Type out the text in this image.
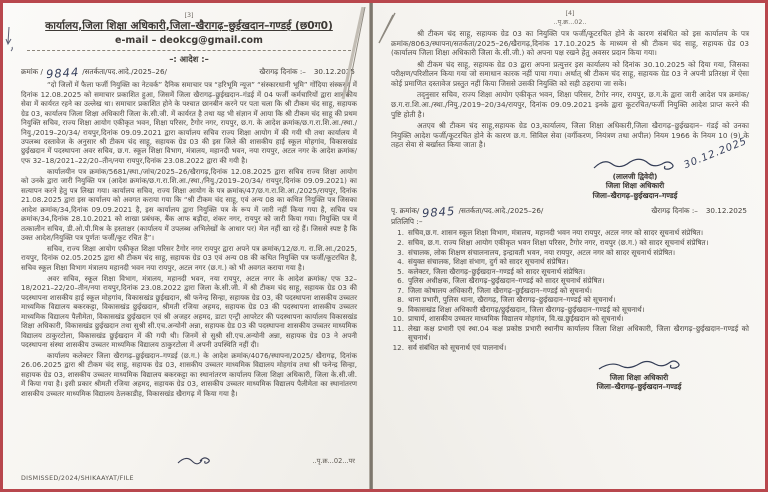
[3]
कार्यालय,जिला शिक्षा अधिकारी,जिला–खैरागढ़–छुईखदान–गण्डई (छ0ग0)
e-mail – deokcg@gmail.com
–: आदेश :–
क्रमांक / 9844 /सतर्कता/पद.आदे./2025–26/	खैरागढ़ दिनांक :– 30.12.2025

“दो जिलों में फैला फर्जी नियुक्ति का नेटवर्क” दैनिक समाचार पत्र “हरिभूमि न्यूज” “संस्कारधानी भूमि” गोंदिया संस्करण में दिनांक 12.08.2025 को समाचार प्रकाशित हुआ, जिसमें जिला खैरागढ़–छुईखदान–गंडई में 04 फर्जी कर्मचारियों द्वारा शासकीय सेवा में कार्यरत रहने का उल्लेख था। समाचार प्रकाशित होने के पश्चात छानबीन करने पर पता चला कि श्री टीकम चंद साहू, सहायक ग्रेड 03, कार्यालय जिला शिक्षा अधिकारी जिला के.सी.जी. में कार्यरत है तथा यह भी संज्ञान में आया कि श्री टीकम चंद साहू की प्रथम नियुक्ति सचिव, राज्य शिक्षा आयोग एकीकृत भवन, शिक्षा परिसर, टैगोर नगर, रायपुर, छ.ग. के आदेश क्रमांक/छ.ग.रा.शि.आ./स्था./नियु./2019–20/34/ रायपुर,दिनांक 09.09.2021 द्वारा कार्यालय सचिव राज्य शिक्षा आयोग में की गयी थी तथा कार्यालय में उपलब्ध दस्तावेज के अनुसार श्री टीकम चंद साहू, सहायक ग्रेड 03 की इस जिले की शासकीय हाई स्कूल मोहगांव, विकासखंड छुईखदान में पदस्थापना अवर सचिव, छ.ग. स्कूल शिक्षा विभाग, मंत्रालय, महानदी भवन, नया रायपुर, अटल नगर के आदेश क्रमांक/ एफ 32–18/2021–22/20–तीन/नया रायपुर,दिनांक 23.08.2022 द्वारा की गयी है।

कार्यालयीन पत्र क्रमांक/5681/स्था./जांच/2025–26/खैरागढ़,दिनांक 12.08.2025 द्वारा सचिव राज्य शिक्षा आयोग को उनके द्वारा जारी नियुक्ति पत्र (आदेश क्रमांक/छ.ग.रा.शि.आ./स्था./नियु./2019–20/34/ रायपुर,दिनांक 09.09.2021) का सत्यापन करने हेतु पत्र लिखा गया। कार्यालय सचिव, राज्य शिक्षा आयोग के पत्र क्रमांक/47/छ.ग.रा.शि.आ./2025/रायपुर, दिनांक 21.08.2025 द्वारा इस कार्यालय को अवगत कराया गया कि “श्री टीकम चंद साहू, एवं अन्य 08 का कथित नियुक्ति पत्र जिसका आदेश क्रमांक/34,दिनांक 09.09.2021 है, इस कार्यालय द्वारा नियुक्ति पत्र के रूप में जारी नहीं किया गया है, सचिव पत्र क्रमांक/34,दिनांक 28.10.2021 को शाखा प्रबंधक, बैंक आफ बड़ौदा, शंकर नगर, रायपुर को जारी किया गया। नियुक्ति पत्र में तत्कालीन सचिव, डी.ओ.पी.मिश्र के हस्ताक्षर (कार्यालय में उपलब्ध अभिलेखों के आधार पर) मेल नहीं खा रहे हैं। जिससे स्पष्ट है कि उक्त आदेश/नियुक्ति पत्र पूर्णतः फर्जी/कूट रचित है”।

सचिव, राज्य शिक्षा आयोग एकीकृत शिक्षा परिसर टैगोर नगर रायपुर द्वारा अपने पत्र क्रमांक/12/छ.ग. रा.शि.आ./2025, रायपुर, दिनांक 02.05.2025 द्वारा श्री टीकम चंद साहू, सहायक ग्रेड 03 एवं अन्य 08 की कथित नियुक्ति पत्र फर्जी/कूटरचित है, सचिव स्कूल शिक्षा विभाग मंत्रालय महानदी भवन नया रायपुर, अटल नगर (छ.ग.) को भी अवगत कराया गया है।

अवर सचिव, स्कूल शिक्षा विभाग, मंत्रालय, महानदी भवन, नया रायपुर, अटल नगर के आदेश क्रमांक/ एफ 32–18/2021–22/20–तीन/नया रायपुर,दिनांक 23.08.2022 द्वारा जिला के.सी.जी. में श्री टीकम चंद साहू, सहायक ग्रेड 03 की पदस्थापना शासकीय हाई स्कूल मोहगांव, विकासखंड छुईखदान, श्री फनेन्द्र सिन्हा, सहायक ग्रेड 03, की पदस्थापना शासकीय उच्चतर माध्यमिक विद्यालय बकरकट्टा, विकासखंड छुईखदान, श्रीमती रजिया अहमद, सहायक ग्रेड 03 की पदस्थापना शासकीय उच्चतर माध्यमिक विद्यालय पैलीमेता, विकासखंड छुईखदान एवं श्री अजहर अहमद, डाटा एन्ट्री आपरेटर की पदस्थापना कार्यालय विकासखंड शिक्षा अधिकारी, विकासखंड छुईखदान तथा सुश्री सी.एच.अन्योनी अन्ना, सहायक ग्रेड 03 की पदस्थापना शासकीय उच्चतर माध्यमिक विद्यालय ठाकुरटोला, विकासखंड छुईखदान में की गयी थी। जिनमें से सुश्री सी.एच.अन्योनी अन्ना, सहायक ग्रेड 03 ने अपनी पदस्थापना संस्था शासकीय उच्चतर माध्यमिक विद्यालय ठाकुरटोला में अपनी उपस्थिति नहीं दी।

कार्यालय कलेक्टर जिला खैरागढ़–छुईखदान–गण्डई (छ.ग.) के आदेश क्रमांक/4076/स्थापना/2025/ खैरागढ़, दिनांक 26.06.2025 द्वारा श्री टीकम चंद साहू, सहायक ग्रेड 03, शासकीय उच्चतर माध्यमिक विद्यालय मोहगांव तथा श्री फनेन्द्र सिन्हा, सहायक ग्रेड 03, शासकीय उच्चतर माध्यमिक विद्यालय बकरकट्टा का स्थानांतरण कार्यालय जिला शिक्षा अधिकारी, जिला के.सी.जी. में किया गया है। इसी प्रकार श्रीमती रजिया अहमद, सहायक ग्रेड 03, शासकीय उच्चतर माध्यमिक विद्यालय पैलीमेता का स्थानांतरण शासकीय उच्चतर माध्यमिक विद्यालय ठेलकाडीह, विकासखंड खैरागढ़ में किया गया है।

..पृ.क्र...02...पर
DISMISSED/2024/SHIKAAYAT/FILE
[4]
..पृ.क्र...02..

श्री टीकम चंद साहू, सहायक ग्रेड 03 का नियुक्ति पत्र फर्जी/कूटरचित होने के कारण संबंधित को इस कार्यालय के पत्र क्रमांक/8063/स्थापना/सतर्कता/2025–26/खैरागढ़,दिनांक 17.10.2025 के माध्यम से श्री टीकम चंद साहू, सहायक ग्रेड 03 (कार्यालय जिला शिक्षा अधिकारी जिला के.सी.जी.) को अपना पक्ष रखने हेतु अवसर प्रदान किया गया।

श्री टीकम चंद साहू, सहायक ग्रेड 03 द्वारा अपना प्रत्युत्तर इस कार्यालय को दिनांक 30.10.2025 को दिया गया, जिसका परीक्षण/परिशीलन किया गया जो समाधान कारक नहीं पाया गया। अर्थात् श्री टीकम चंद साहू, सहायक ग्रेड 03 ने अपनी प्रतिरक्षा में ऐसा कोई प्रमाणित दस्तावेज प्रस्तुत नहीं किया जिससे उसकी नियुक्ति को सही ठहराया जा सके।

तद्नुसार सचिव, राज्य शिक्षा आयोग एकीकृत भवन, शिक्षा परिसर, टैगोर नगर, रायपुर, छ.ग.के द्वारा जारी आदेश पत्र क्रमांक/छ.ग.रा.शि.आ./स्था./नियु./2019–20/34/रायपुर, दिनांक 09.09.2021 इनके द्वारा कूटरचित/फर्जी नियुक्ति आदेश प्राप्त करने की पुष्टि होती है।

अतएव श्री टीकम चंद साहू,सहायक ग्रेड 03,कार्यालय, जिला शिक्षा अधिकारी,जिला खैरागढ़–छुईखदान– गंडई को उनका नियुक्ति आदेश फर्जी/कूटरचित होने के कारण छ.ग. सिविल सेवा (वर्गीकरण, नियंत्रण तथा अपील) नियम 1966 के नियम 10 (9) के तहत सेवा से बर्खास्त किया जाता है।	30.12.2025
(लालजी द्विवेदी)
जिला शिक्षा अधिकारी
जिला–खैरागढ़–छुईखदान–गण्डई
पृ. क्रमांक/ 9845 /सतर्कता/पद.आदे./2025–26/	खैरागढ़ दिनांक :– 30.12.2025
प्रतिलिपि :–
1. सचिव,छ.ग. शासन स्कूल शिक्षा विभाग, मंत्रालय, महानदी भवन नया रायपुर, अटल नगर को सादर सूचनार्थ संप्रेषित।
2. सचिव, छ.ग. राज्य शिक्षा आयोग एकीकृत भवन शिक्षा परिसर, टैगोर नगर, रायपुर (छ.ग.) को सादर सूचनार्थ संप्रेषित।
3. संचालक, लोक शिक्षण संचालनालय, इन्द्रावती भवन, नया रायपुर, अटल नगर को सादर सूचनार्थ संप्रेषित।
4. संयुक्त संचालक, शिक्षा संभाग, दुर्ग को सादर सूचनार्थ संप्रेषित।
5. कलेक्टर, जिला खैरागढ़–छुईखदान–गण्डई को सादर सूचनार्थ संप्रेषित।
6. पुलिस अधीक्षक, जिला खैरागढ़–छुईखदान–गण्डई को सादर सूचनार्थ संप्रेषित।
7. जिला कोषालय अधिकारी, जिला खैरागढ़–छुईखदान–गण्डई को सूचनार्थ।
8. थाना प्रभारी, पुलिस थाना, खैरागढ़, जिला खैरागढ़–छुईखदान–गण्डई को सूचनार्थ।
9. विकासखंड शिक्षा अधिकारी खैरागढ़/छुईखदान, जिला खैरागढ़–छुईखदान–गण्डई को सूचनार्थ।
10. प्राचार्य, शासकीय उच्चतर माध्यमिक विद्यालय मोहगांव, वि.ख.छुईखदान को सूचनार्थ।
11. लेखा कक्ष प्रभारी एवं स्था.04 कक्ष प्रकोष्ठ प्रभारी स्थानीय कार्यालय जिला शिक्षा अधिकारी, जिला खैरागढ़–छुईखदान–गण्डई को सूचनार्थ।
12. सर्व संबंधित को सूचनार्थ एवं पालनार्थ।
जिला शिक्षा अधिकारी
जिला–खैरागढ़–छुईखदान–गण्डई
